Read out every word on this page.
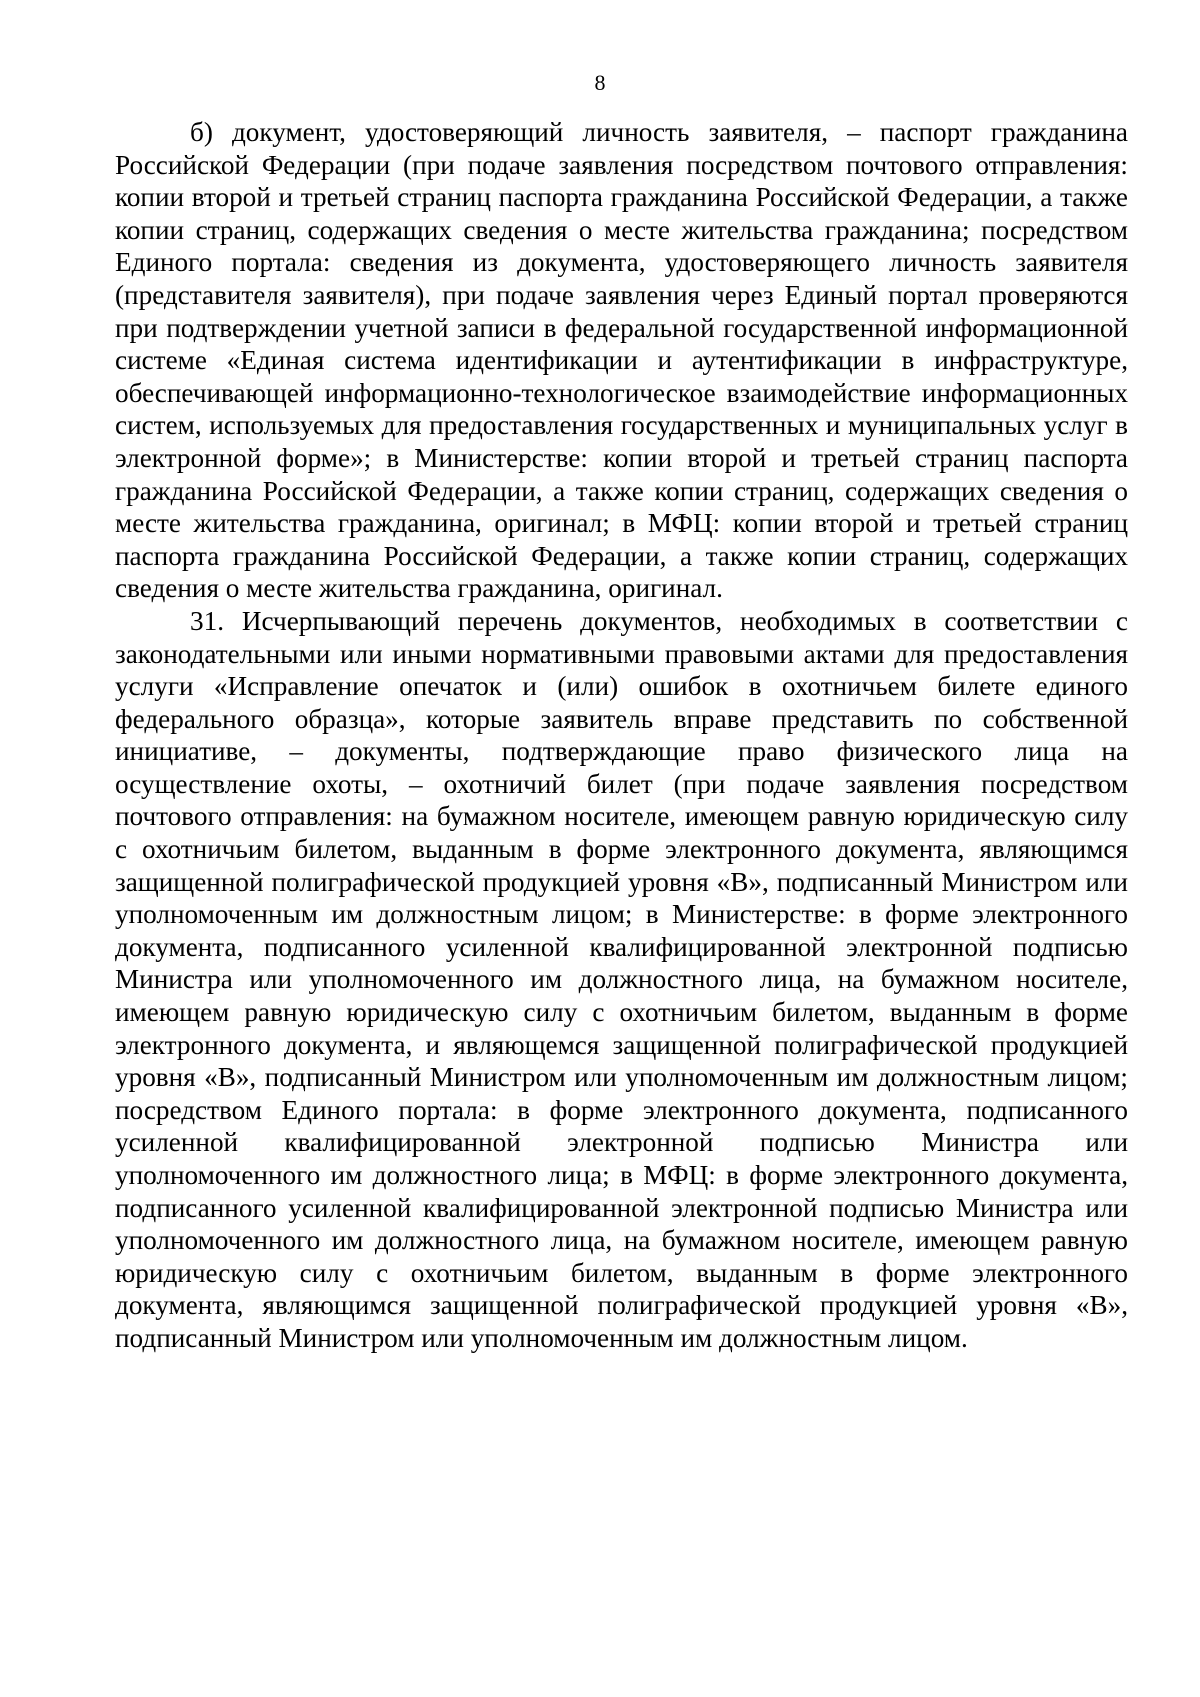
8

б) документ, удостоверяющий личность заявителя, – паспорт гражданина Российской Федерации (при подаче заявления посредством почтового отправления: копии второй и третьей страниц паспорта гражданина Российской Федерации, а также копии страниц, содержащих сведения о месте жительства гражданина; посредством Единого портала: сведения из документа, удостоверяющего личность заявителя (представителя заявителя), при подаче заявления через Единый портал проверяются при подтверждении учетной записи в федеральной государственной информационной системе «Единая система идентификации и аутентификации в инфраструктуре, обеспечивающей информационно-технологическое взаимодействие информационных систем, используемых для предоставления государственных и муниципальных услуг в электронной форме»; в Министерстве: копии второй и третьей страниц паспорта гражданина Российской Федерации, а также копии страниц, содержащих сведения о месте жительства гражданина, оригинал; в МФЦ: копии второй и третьей страниц паспорта гражданина Российской Федерации, а также копии страниц, содержащих сведения о месте жительства гражданина, оригинал.

31. Исчерпывающий перечень документов, необходимых в соответствии с законодательными или иными нормативными правовыми актами для предоставления услуги «Исправление опечаток и (или) ошибок в охотничьем билете единого федерального образца», которые заявитель вправе представить по собственной инициативе, – документы, подтверждающие право физического лица на осуществление охоты, – охотничий билет (при подаче заявления посредством почтового отправления: на бумажном носителе, имеющем равную юридическую силу с охотничьим билетом, выданным в форме электронного документа, являющимся защищенной полиграфической продукцией уровня «В», подписанный Министром или уполномоченным им должностным лицом; в Министерстве: в форме электронного документа, подписанного усиленной квалифицированной электронной подписью Министра или уполномоченного им должностного лица, на бумажном носителе, имеющем равную юридическую силу с охотничьим билетом, выданным в форме электронного документа, и являющемся защищенной полиграфической продукцией уровня «В», подписанный Министром или уполномоченным им должностным лицом; посредством Единого портала: в форме электронного документа, подписанного усиленной квалифицированной электронной подписью Министра или уполномоченного им должностного лица; в МФЦ: в форме электронного документа, подписанного усиленной квалифицированной электронной подписью Министра или уполномоченного им должностного лица, на бумажном носителе, имеющем равную юридическую силу с охотничьим билетом, выданным в форме электронного документа, являющимся защищенной полиграфической продукцией уровня «В», подписанный Министром или уполномоченным им должностным лицом.
